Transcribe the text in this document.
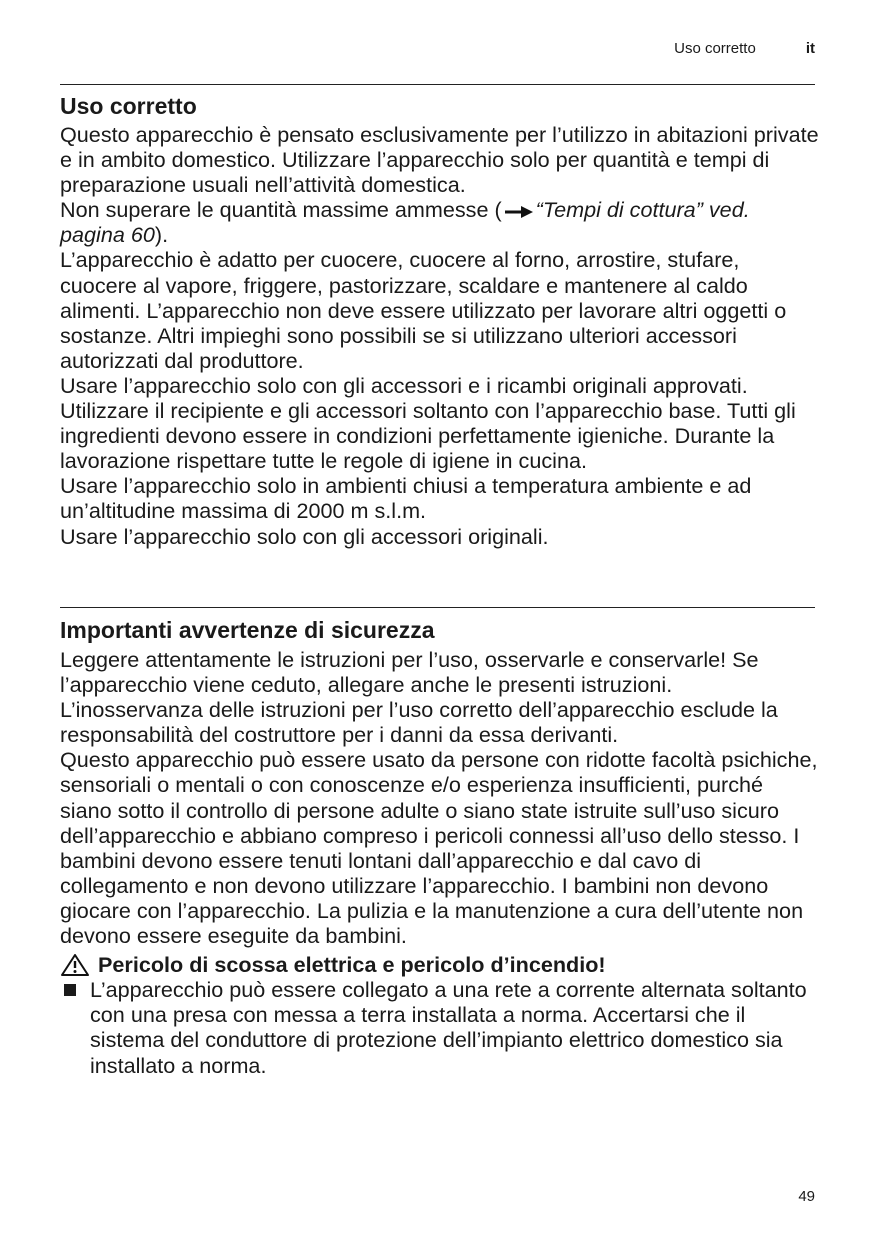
Uso corretto	it
Uso corretto

Questo apparecchio è pensato esclusivamente per l’utilizzo in abitazioni private e in ambito domestico. Utilizzare l’apparecchio solo per quantità e tempi di preparazione usuali nell’attività domestica.

Non superare le quantità massime ammesse ( “Tempi di cottura” ved. pagina 60).

L’apparecchio è adatto per cuocere, cuocere al forno, arrostire, stufare, cuocere al vapore, friggere, pastorizzare, scaldare e mantenere al caldo alimenti. L’apparecchio non deve essere utilizzato per lavorare altri oggetti o sostanze. Altri impieghi sono possibili se si utilizzano ulteriori accessori autorizzati dal produttore.

Usare l’apparecchio solo con gli accessori e i ricambi originali approvati. Utilizzare il recipiente e gli accessori soltanto con l’apparecchio base. Tutti gli ingredienti devono essere in condizioni perfettamente igieniche. Durante la lavorazione rispettare tutte le regole di igiene in cucina.

Usare l’apparecchio solo in ambienti chiusi a temperatura ambiente e ad un’altitudine massima di 2000 m s.l.m.

Usare l’apparecchio solo con gli accessori originali.

Importanti avvertenze di sicurezza

Leggere attentamente le istruzioni per l’uso, osservarle e conservarle! Se l’apparecchio viene ceduto, allegare anche le presenti istruzioni. L’inosservanza delle istruzioni per l’uso corretto dell’apparecchio esclude la responsabilità del costruttore per i danni da essa derivanti.

Questo apparecchio può essere usato da persone con ridotte facoltà psichiche, sensoriali o mentali o con conoscenze e/o esperienza insufficienti, purché siano sotto il controllo di persone adulte o siano state istruite sull’uso sicuro dell’apparecchio e abbiano compreso i pericoli connessi all’uso dello stesso. I bambini devono essere tenuti lontani dall’apparecchio e dal cavo di collegamento e non devono utilizzare l’apparecchio. I bambini non devono giocare con l’apparecchio. La pulizia e la manutenzione a cura dell’utente non devono essere eseguite da bambini.

Pericolo di scossa elettrica e pericolo d’incendio!
L’apparecchio può essere collegato a una rete a corrente alternata soltanto con una presa con messa a terra installata a norma. Accertarsi che il sistema del conduttore di protezione dell’impianto elettrico domestico sia installato a norma.
49
